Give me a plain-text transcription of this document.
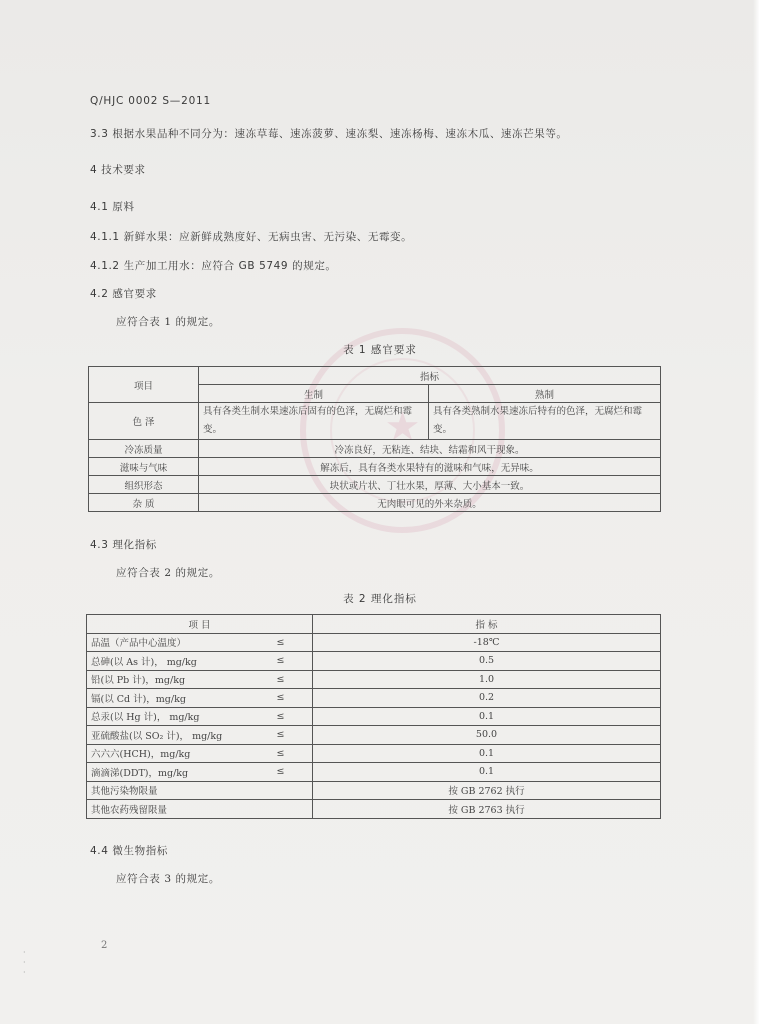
★
Q/HJC 0002 S—2011
3.3 根据水果品种不同分为：速冻草莓、速冻菠萝、速冻梨、速冻杨梅、速冻木瓜、速冻芒果等。
4 技术要求
4.1 原料
4.1.1 新鲜水果：应新鲜成熟度好、无病虫害、无污染、无霉变。
4.1.2 生产加工用水：应符合 GB 5749 的规定。
4.2 感官要求
应符合表 1 的规定。
表 1 感官要求
项目	指标	
	生制	熟制
色 泽	具有各类生制水果速冻后固有的色泽，无腐烂和霉变。	具有各类熟制水果速冻后特有的色泽，无腐烂和霉变。
冷冻质量	冷冻良好，无粘连、结块、结霜和风干现象。	
滋味与气味	解冻后，具有各类水果特有的滋味和气味，无异味。	
组织形态	块状或片状、丁壮水果，厚薄、大小基本一致。	
杂 质	无肉眼可见的外来杂质。	
4.3 理化指标
应符合表 2 的规定。
表 2 理化指标
项 目		指 标
品温（产品中心温度）	≤	-18℃
总砷(以 As 计)， mg/kg	≤	0.5
铅(以 Pb 计)，mg/kg	≤	1.0
镉(以 Cd 计)，mg/kg	≤	0.2
总汞(以 Hg 计)， mg/kg	≤	0.1
亚硫酸盐(以 SO₂ 计)， mg/kg	≤	50.0
六六六(HCH)，mg/kg	≤	0.1
滴滴涕(DDT)，mg/kg	≤	0.1
其他污染物限量		按 GB 2762 执行
其他农药残留限量		按 GB 2763 执行
4.4 微生物指标
应符合表 3 的规定。
2
·
·
·
